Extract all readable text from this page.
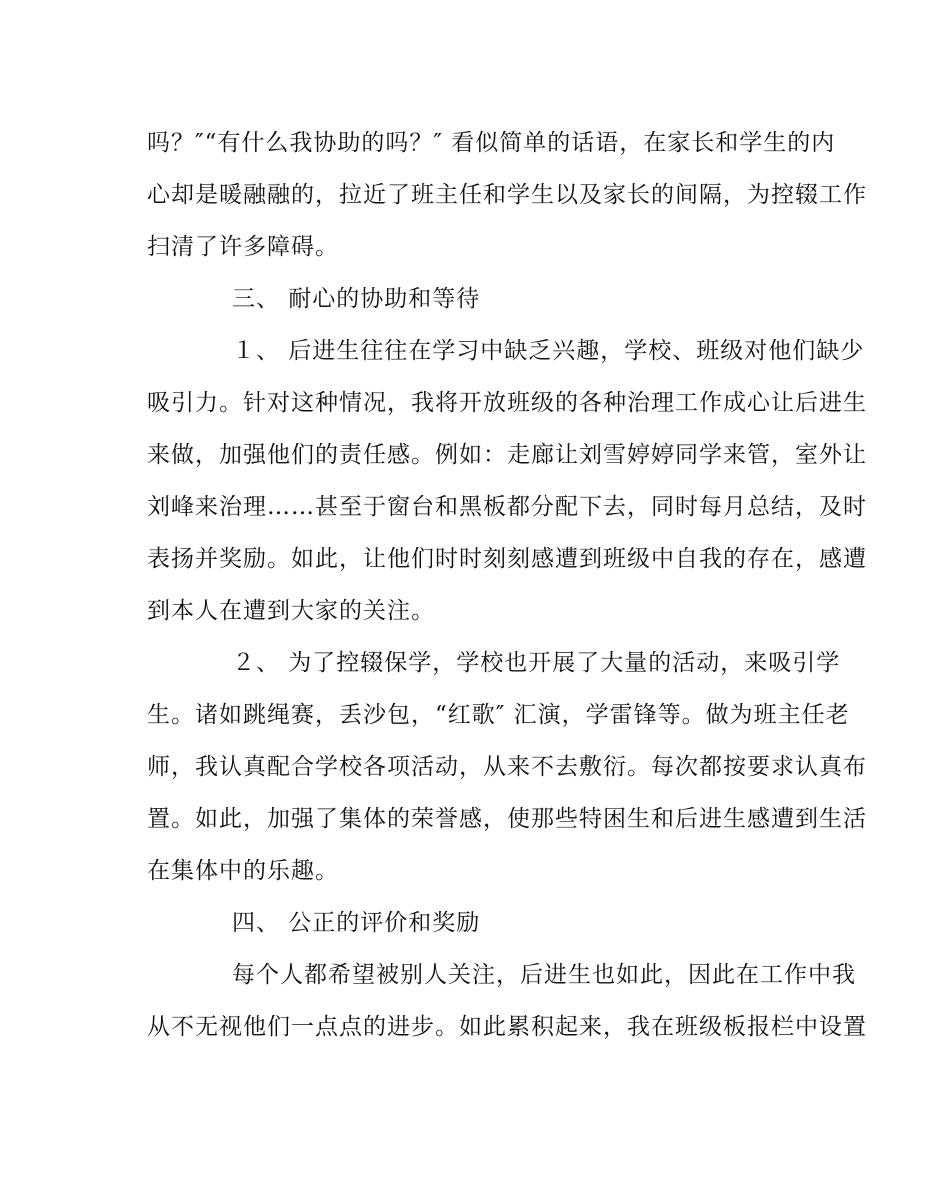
吗？″“有什么我协助的吗？″ 看似简单的话语，在家长和学生的内
心却是暖融融的，拉近了班主任和学生以及家长的间隔，为控辍工作
扫清了许多障碍。
三、 耐心的协助和等待
１、 后进生往往在学习中缺乏兴趣，学校、班级对他们缺少
吸引力。针对这种情况，我将开放班级的各种治理工作成心让后进生
来做，加强他们的责任感。例如：走廊让刘雪婷婷同学来管，室外让
刘峰来治理……甚至于窗台和黑板都分配下去，同时每月总结，及时
表扬并奖励。如此，让他们时时刻刻感遭到班级中自我的存在，感遭
到本人在遭到大家的关注。
２、 为了控辍保学，学校也开展了大量的活动，来吸引学
生。诸如跳绳赛，丢沙包，“红歌″ 汇演，学雷锋等。做为班主任老
师，我认真配合学校各项活动，从来不去敷衍。每次都按要求认真布
置。如此，加强了集体的荣誉感，使那些特困生和后进生感遭到生活
在集体中的乐趣。
四、 公正的评价和奖励
每个人都希望被别人关注，后进生也如此，因此在工作中我
从不无视他们一点点的进步。如此累积起来，我在班级板报栏中设置
